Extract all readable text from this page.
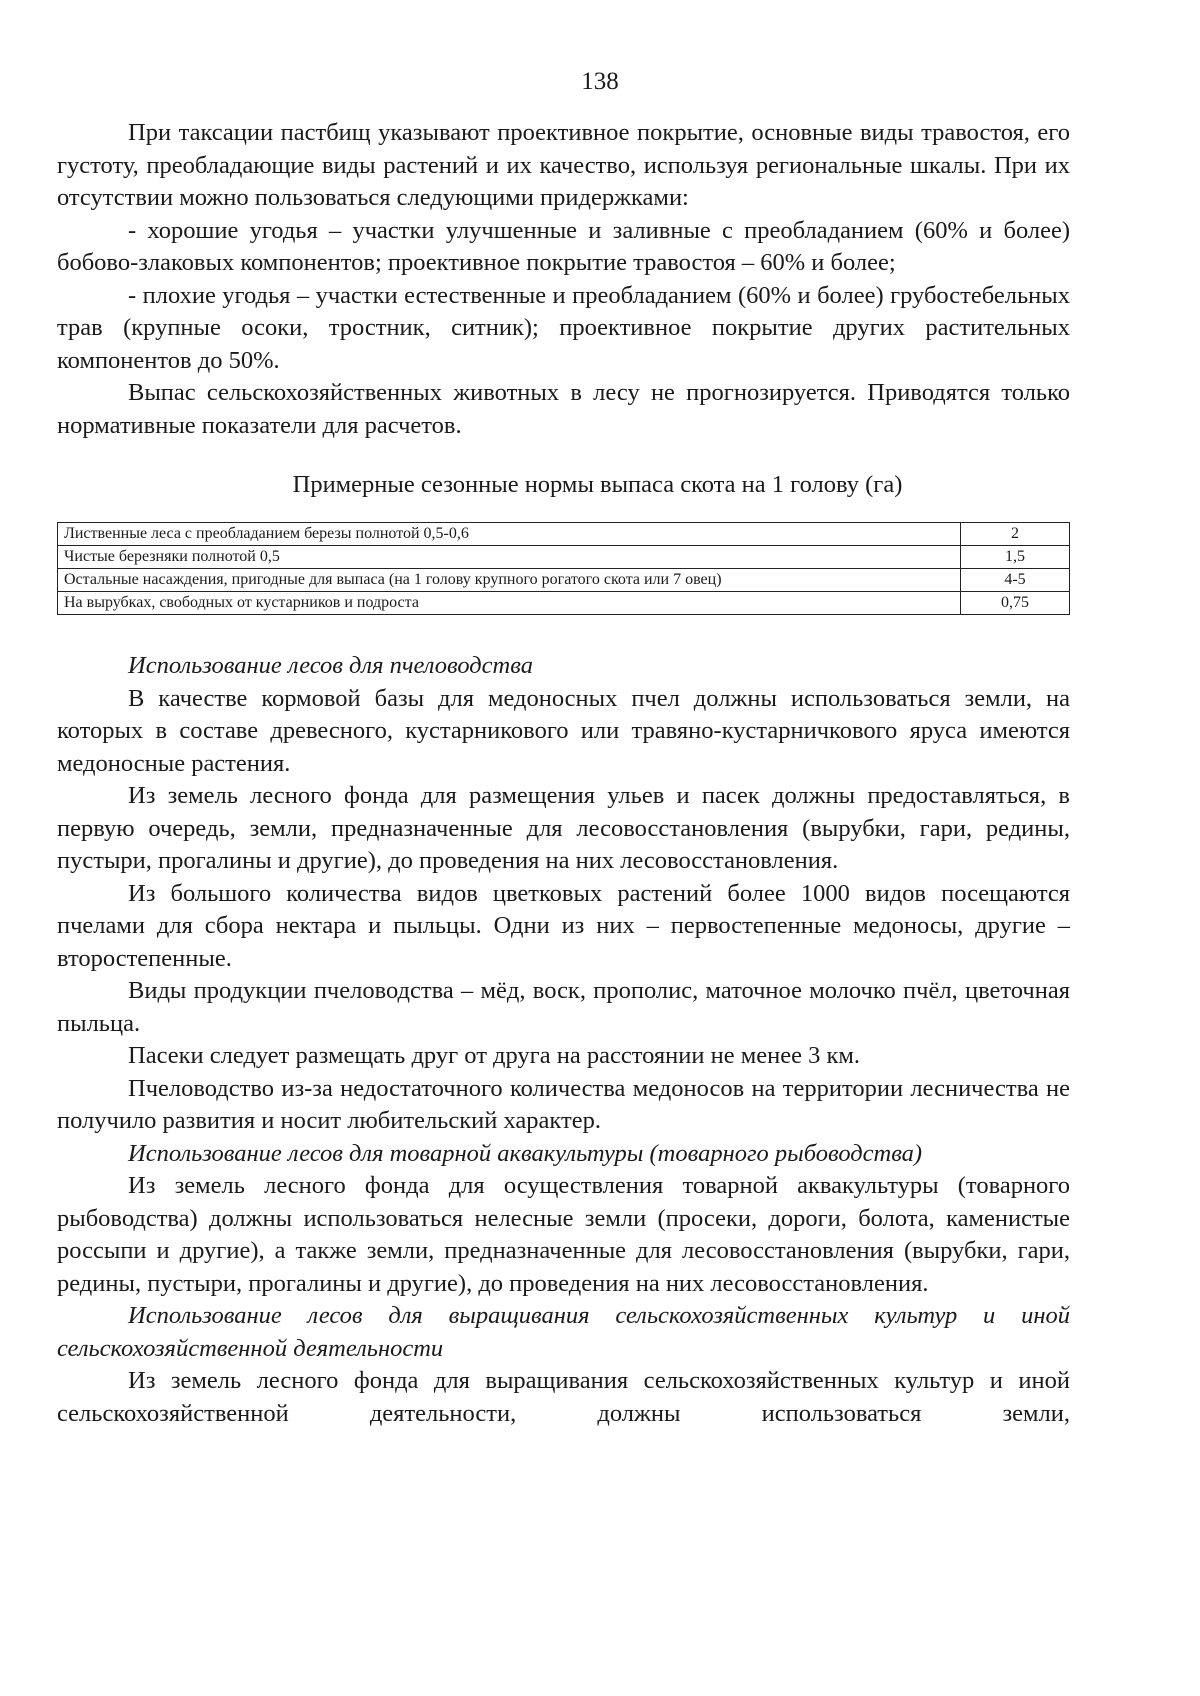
138

При таксации пастбищ указывают проективное покрытие, основные виды травостоя, его густоту, преобладающие виды растений и их качество, используя региональные шкалы. При их отсутствии можно пользоваться следующими придержками:

- хорошие угодья – участки улучшенные и заливные с преобладанием (60% и более) бобово-злаковых компонентов; проективное покрытие травостоя – 60% и более;

- плохие угодья – участки естественные и преобладанием (60% и более) грубостебельных трав (крупные осоки, тростник, ситник); проективное покрытие других растительных компонентов до 50%.

Выпас сельскохозяйственных животных в лесу не прогнозируется. Приводятся только нормативные показатели для расчетов.

Примерные сезонные нормы выпаса скота на 1 голову (га)

Лиственные леса с преобладанием березы полнотой 0,5-0,6	2
Чистые березняки полнотой 0,5	1,5
Остальные насаждения, пригодные для выпаса (на 1 голову крупного рогатого скота или 7 овец)	4-5
На вырубках, свободных от кустарников и подроста	0,75

Использование лесов для пчеловодства

В качестве кормовой базы для медоносных пчел должны использоваться земли, на которых в составе древесного, кустарникового или травяно-кустарничкового яруса имеются медоносные растения.

Из земель лесного фонда для размещения ульев и пасек должны предоставляться, в первую очередь, земли, предназначенные для лесовосстановления (вырубки, гари, редины, пустыри, прогалины и другие), до проведения на них лесовосстановления.

Из большого количества видов цветковых растений более 1000 видов посещаются пчелами для сбора нектара и пыльцы. Одни из них – первостепенные медоносы, другие – второстепенные.

Виды продукции пчеловодства – мёд, воск, прополис, маточное молочко пчёл, цветочная пыльца.

Пасеки следует размещать друг от друга на расстоянии не менее 3 км.

Пчеловодство из-за недостаточного количества медоносов на территории лесничества не получило развития и носит любительский характер.

Использование лесов для товарной аквакультуры (товарного рыбоводства)

Из земель лесного фонда для осуществления товарной аквакультуры (товарного рыбоводства) должны использоваться нелесные земли (просеки, дороги, болота, каменистые россыпи и другие), а также земли, предназначенные для лесовосстановления (вырубки, гари, редины, пустыри, прогалины и другие), до проведения на них лесовосстановления.

Использование лесов для выращивания сельскохозяйственных культур и иной сельскохозяйственной деятельности

Из земель лесного фонда для выращивания сельскохозяйственных культур и иной сельскохозяйственной деятельности, должны использоваться земли,
